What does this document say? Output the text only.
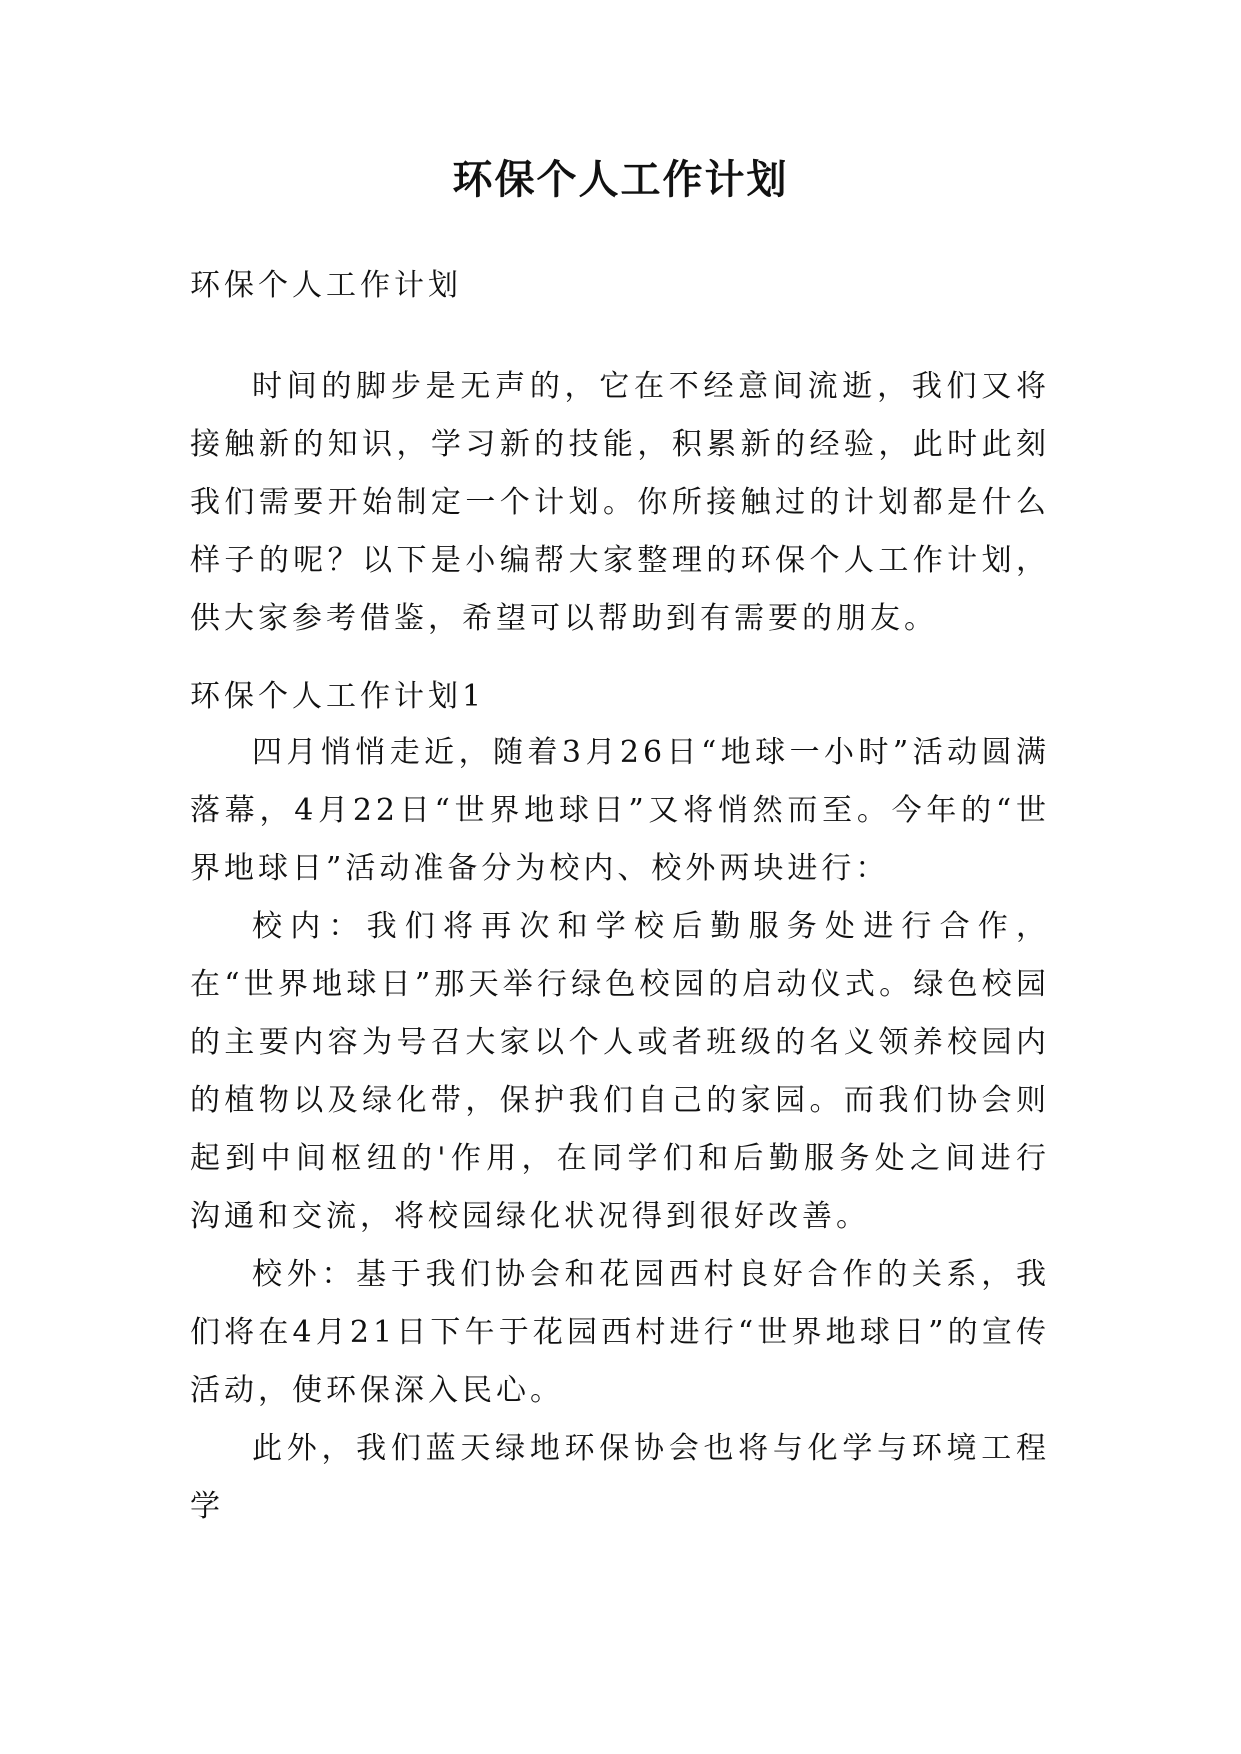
环保个人工作计划
环保个人工作计划

时间的脚步是无声的，它在不经意间流逝，我们又将接触新的知识，学习新的技能，积累新的经验，此时此刻我们需要开始制定一个计划。你所接触过的计划都是什么样子的呢？以下是小编帮大家整理的环保个人工作计划，供大家参考借鉴，希望可以帮助到有需要的朋友。

环保个人工作计划1

四月悄悄走近，随着3月26日“地球一小时”活动圆满落幕，4月22日“世界地球日”又将悄然而至。今年的“世界地球日”活动准备分为校内、校外两块进行：

校内：我们将再次和学校后勤服务处进行合作，在“世界地球日”那天举行绿色校园的启动仪式。绿色校园的主要内容为号召大家以个人或者班级的名义领养校园内的植物以及绿化带，保护我们自己的家园。而我们协会则起到中间枢纽的'作用，在同学们和后勤服务处之间进行沟通和交流，将校园绿化状况得到很好改善。

校外：基于我们协会和花园西村良好合作的关系，我们将在4月21日下午于花园西村进行“世界地球日”的宣传活动，使环保深入民心。

此外，我们蓝天绿地环保协会也将与化学与环境工程学
